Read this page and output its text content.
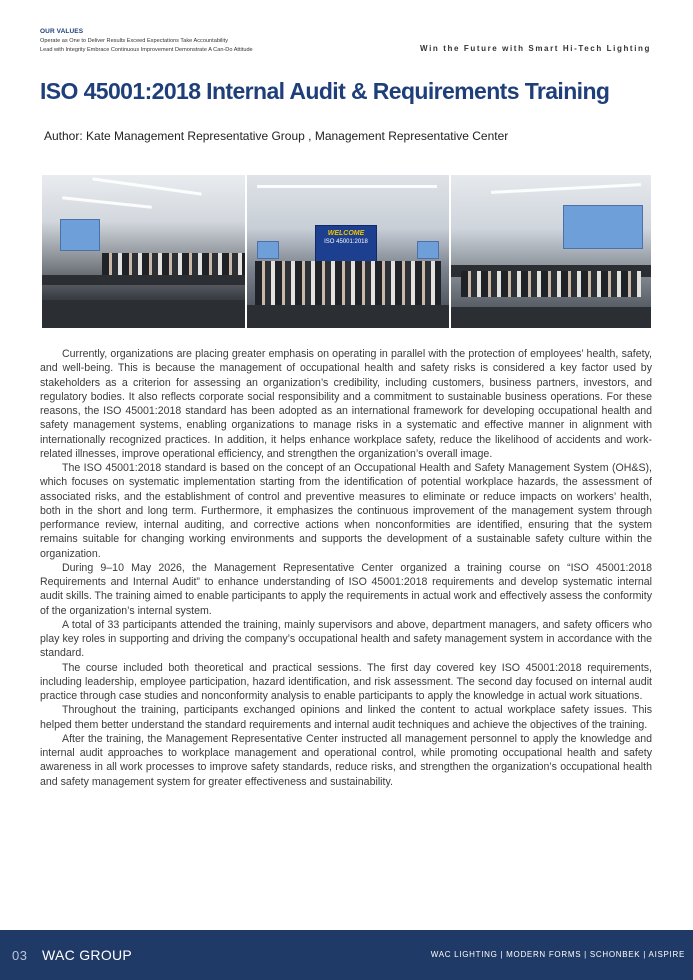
OUR VALUES
Operate as One to Deliver Results Exceed Expectations Take Accountability
Lead with Integrity Embrace Continuous Improvement Demonstrate A Can-Do Attitude	Win the Future with Smart Hi-Tech Lighting
ISO 45001:2018 Internal Audit & Requirements Training
Author: Kate Management Representative Group , Management Representative Center
WELCOME
ISO 45001:2018

Currently, organizations are placing greater emphasis on operating in parallel with the protection of employees’ health, safety, and well-being. This is because the management of occupational health and safety risks is considered a key factor used by stakeholders as a criterion for assessing an organization’s credibility, including customers, business partners, investors, and regulatory bodies. It also reflects corporate social responsibility and a commitment to sustainable business operations. For these reasons, the ISO 45001:2018 standard has been adopted as an international framework for developing occupational health and safety management systems, enabling organizations to manage risks in a systematic and effective manner in alignment with internationally recognized practices. In addition, it helps enhance workplace safety, reduce the likelihood of accidents and work-related illnesses, improve operational efficiency, and strengthen the organization’s overall image.

The ISO 45001:2018 standard is based on the concept of an Occupational Health and Safety Management System (OH&S), which focuses on systematic implementation starting from the identification of potential workplace hazards, the assessment of associated risks, and the establishment of control and preventive measures to eliminate or reduce impacts on workers’ health, both in the short and long term. Furthermore, it emphasizes the continuous improvement of the management system through performance review, internal auditing, and corrective actions when nonconformities are identified, ensuring that the system remains suitable for changing working environments and supports the development of a sustainable safety culture within the organization.

During 9–10 May 2026, the Management Representative Center organized a training course on “ISO 45001:2018 Requirements and Internal Audit” to enhance understanding of ISO 45001:2018 requirements and develop systematic internal audit skills. The training aimed to enable participants to apply the requirements in actual work and effectively assess the conformity of the organization’s internal system.

A total of 33 participants attended the training, mainly supervisors and above, department managers, and safety officers who play key roles in supporting and driving the company’s occupational health and safety management system in accordance with the standard.

The course included both theoretical and practical sessions. The first day covered key ISO 45001:2018 requirements, including leadership, employee participation, hazard identification, and risk assessment. The second day focused on internal audit practice through case studies and nonconformity analysis to enable participants to apply the knowledge in actual work situations.

Throughout the training, participants exchanged opinions and linked the content to actual workplace safety issues. This helped them better understand the standard requirements and internal audit techniques and achieve the objectives of the training.

After the training, the Management Representative Center instructed all management personnel to apply the knowledge and internal audit approaches to workplace management and operational control, while promoting occupational health and safety awareness in all work processes to improve safety standards, reduce risks, and strengthen the organization’s occupational health and safety management system for greater effectiveness and sustainability.

03 WAC GROUP	WAC LIGHTING | MODERN FORMS | SCHONBEK | AISPIRE
